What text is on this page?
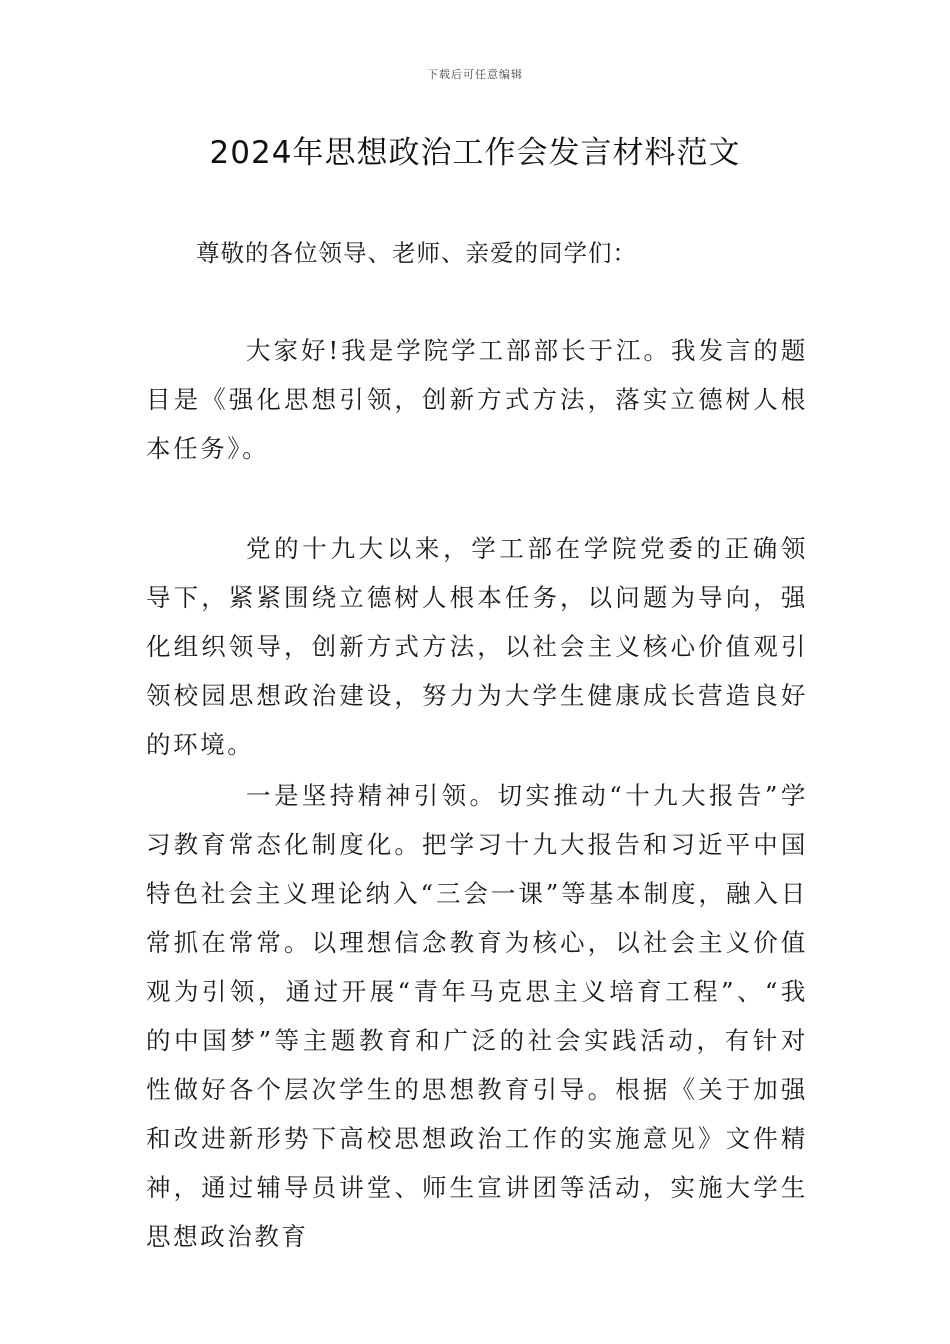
下载后可任意编辑
2024年思想政治工作会发言材料范文
尊敬的各位领导、老师、亲爱的同学们：

大家好!我是学院学工部部长于江。我发言的题目是《强化思想引领，创新方式方法，落实立德树人根本任务》。

党的十九大以来，学工部在学院党委的正确领导下，紧紧围绕立德树人根本任务，以问题为导向，强化组织领导，创新方式方法，以社会主义核心价值观引领校园思想政治建设，努力为大学生健康成长营造良好的环境。

一是坚持精神引领。切实推动“十九大报告”学习教育常态化制度化。把学习十九大报告和习近平中国特色社会主义理论纳入“三会一课”等基本制度，融入日常抓在常常。以理想信念教育为核心，以社会主义价值观为引领，通过开展“青年马克思主义培育工程”、“我的中国梦”等主题教育和广泛的社会实践活动，有针对性做好各个层次学生的思想教育引导。根据《关于加强和改进新形势下高校思想政治工作的实施意见》文件精神，通过辅导员讲堂、师生宣讲团等活动，实施大学生思想政治教育
